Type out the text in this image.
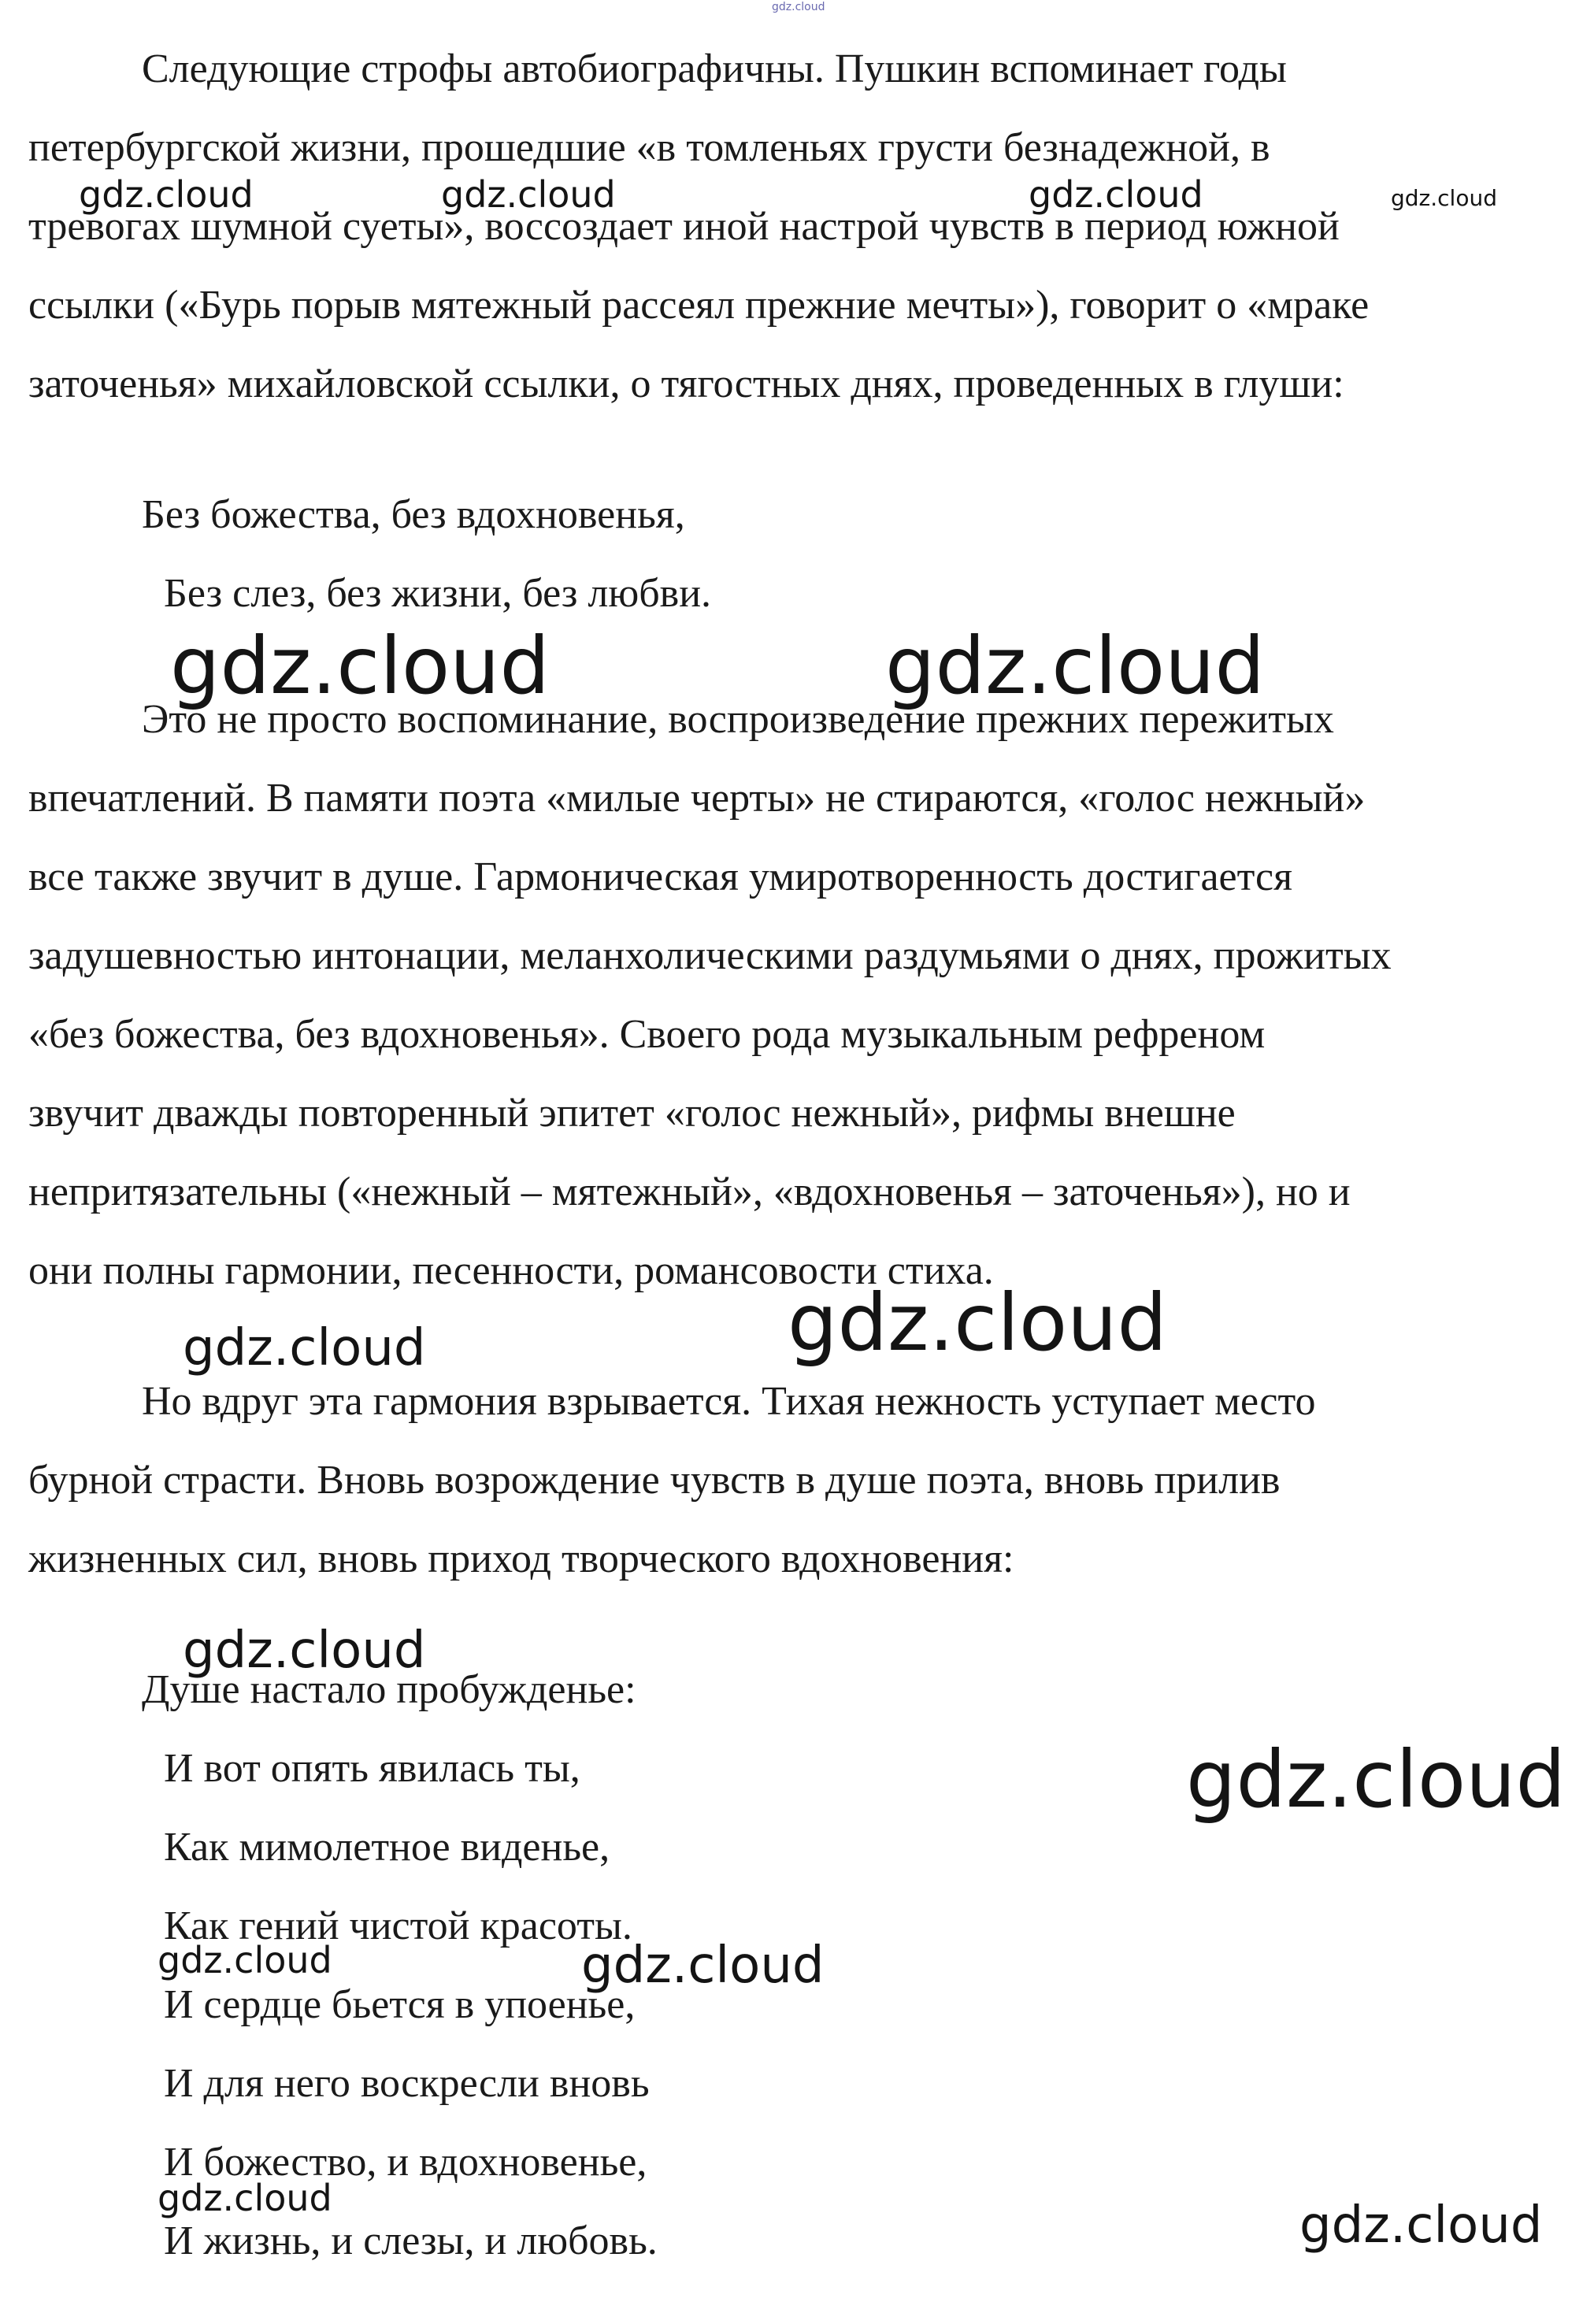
Следующие строфы автобиографичны. Пушкин вспоминает годы
петербургской жизни, прошедшие «в томленьях грусти безнадежной, в
тревогах шумной суеты», воссоздает иной настрой чувств в период южной
ссылки («Бурь порыв мятежный рассеял прежние мечты»), говорит о «мраке
заточенья» михайловской ссылки, о тягостных днях, проведенных в глуши:
Без божества, без вдохновенья,
Без слез, без жизни, без любви.
Это не просто воспоминание, воспроизведение прежних пережитых
впечатлений. В памяти поэта «милые черты» не стираются, «голос нежный»
все также звучит в душе. Гармоническая умиротворенность достигается
задушевностью интонации, меланхолическими раздумьями о днях, прожитых
«без божества, без вдохновенья». Своего рода музыкальным рефреном
звучит дважды повторенный эпитет «голос нежный», рифмы внешне
непритязательны («нежный – мятежный», «вдохновенья – заточенья»), но и
они полны гармонии, песенности, романсовости стиха.
Но вдруг эта гармония взрывается. Тихая нежность уступает место
бурной страсти. Вновь возрождение чувств в душе поэта, вновь прилив
жизненных сил, вновь приход творческого вдохновения:
Душе настало пробужденье:
И вот опять явилась ты,
Как мимолетное виденье,
Как гений чистой красоты.
И сердце бьется в упоенье,
И для него воскресли вновь
И божество, и вдохновенье,
И жизнь, и слезы, и любовь.
gdz.cloud
gdz.cloud	gdz.cloud	gdz.cloud	gdz.cloud
gdz.cloud	gdz.cloud
gdz.cloud
gdz.cloud
gdz.cloud
gdz.cloud
gdz.cloud	gdz.cloud
gdz.cloud	gdz.cloud
